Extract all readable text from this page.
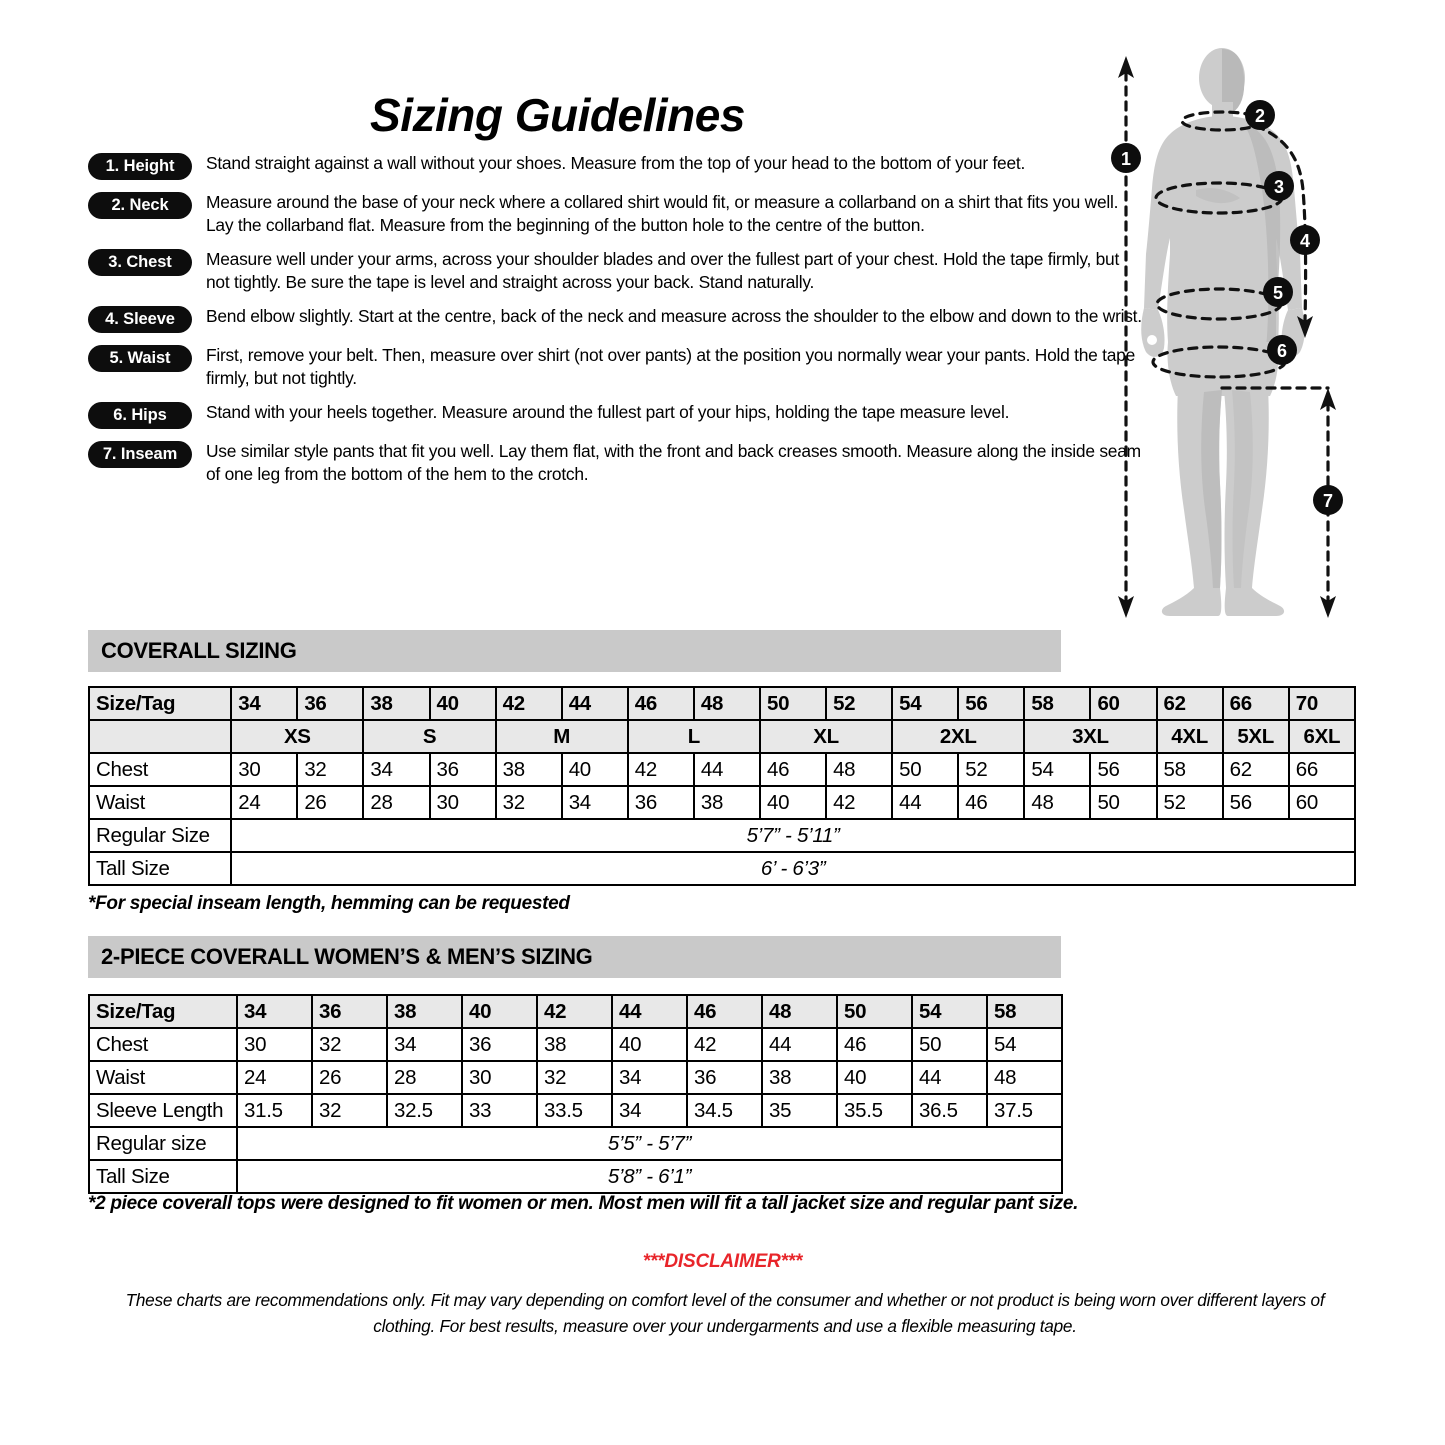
Sizing Guidelines
1. Height	Stand straight against a wall without your shoes. Measure from the top of your head to the bottom of your feet.
2. Neck	Measure around the base of your neck where a collared shirt would fit, or measure a collarband on a shirt that fits you well. Lay the collarband flat. Measure from the beginning of the button hole to the centre of the button.
3. Chest	Measure well under your arms, across your shoulder blades and over the fullest part of your chest. Hold the tape firmly, but not tightly. Be sure the tape is level and straight across your back. Stand naturally.
4. Sleeve	Bend elbow slightly. Start at the centre, back of the neck and measure across the shoulder to the elbow and down to the wrist.
5. Waist	First, remove your belt. Then, measure over shirt (not over pants) at the position you normally wear your pants. Hold the tape firmly, but not tightly.
6. Hips	Stand with your heels together. Measure around the fullest part of your hips, holding the tape measure level.
7. Inseam	Use similar style pants that fit you well. Lay them flat, with the front and back creases smooth. Measure along the inside seam of one leg from the bottom of the hem to the crotch.
1
2
3
4
5
6
7
COVERALL SIZING
Size/Tag	34	36	38	40	42	44	46	48	50	52	54	56	58	60	62	66	70
	XS		S		M		L		XL		2XL		3XL		4XL	5XL	6XL
Chest	30	32	34	36	38	40	42	44	46	48	50	52	54	56	58	62	66
Waist	24	26	28	30	32	34	36	38	40	42	44	46	48	50	52	56	60
Regular Size	5’7” - 5’11”																
Tall Size	6’ - 6’3”																
*For special inseam length, hemming can be requested
2-PIECE COVERALL WOMEN’S & MEN’S SIZING
Size/Tag	34	36	38	40	42	44	46	48	50	54	58
Chest	30	32	34	36	38	40	42	44	46	50	54
Waist	24	26	28	30	32	34	36	38	40	44	48
Sleeve Length	31.5	32	32.5	33	33.5	34	34.5	35	35.5	36.5	37.5
Regular size	5’5” - 5’7”										
Tall Size	5’8” - 6’1”										
*2 piece coverall tops were designed to fit women or men. Most men will fit a tall jacket size and regular pant size.
***DISCLAIMER***
These charts are recommendations only. Fit may vary depending on comfort level of the consumer and whether or not product is being worn over different layers of clothing. For best results, measure over your undergarments and use a flexible measuring tape.
